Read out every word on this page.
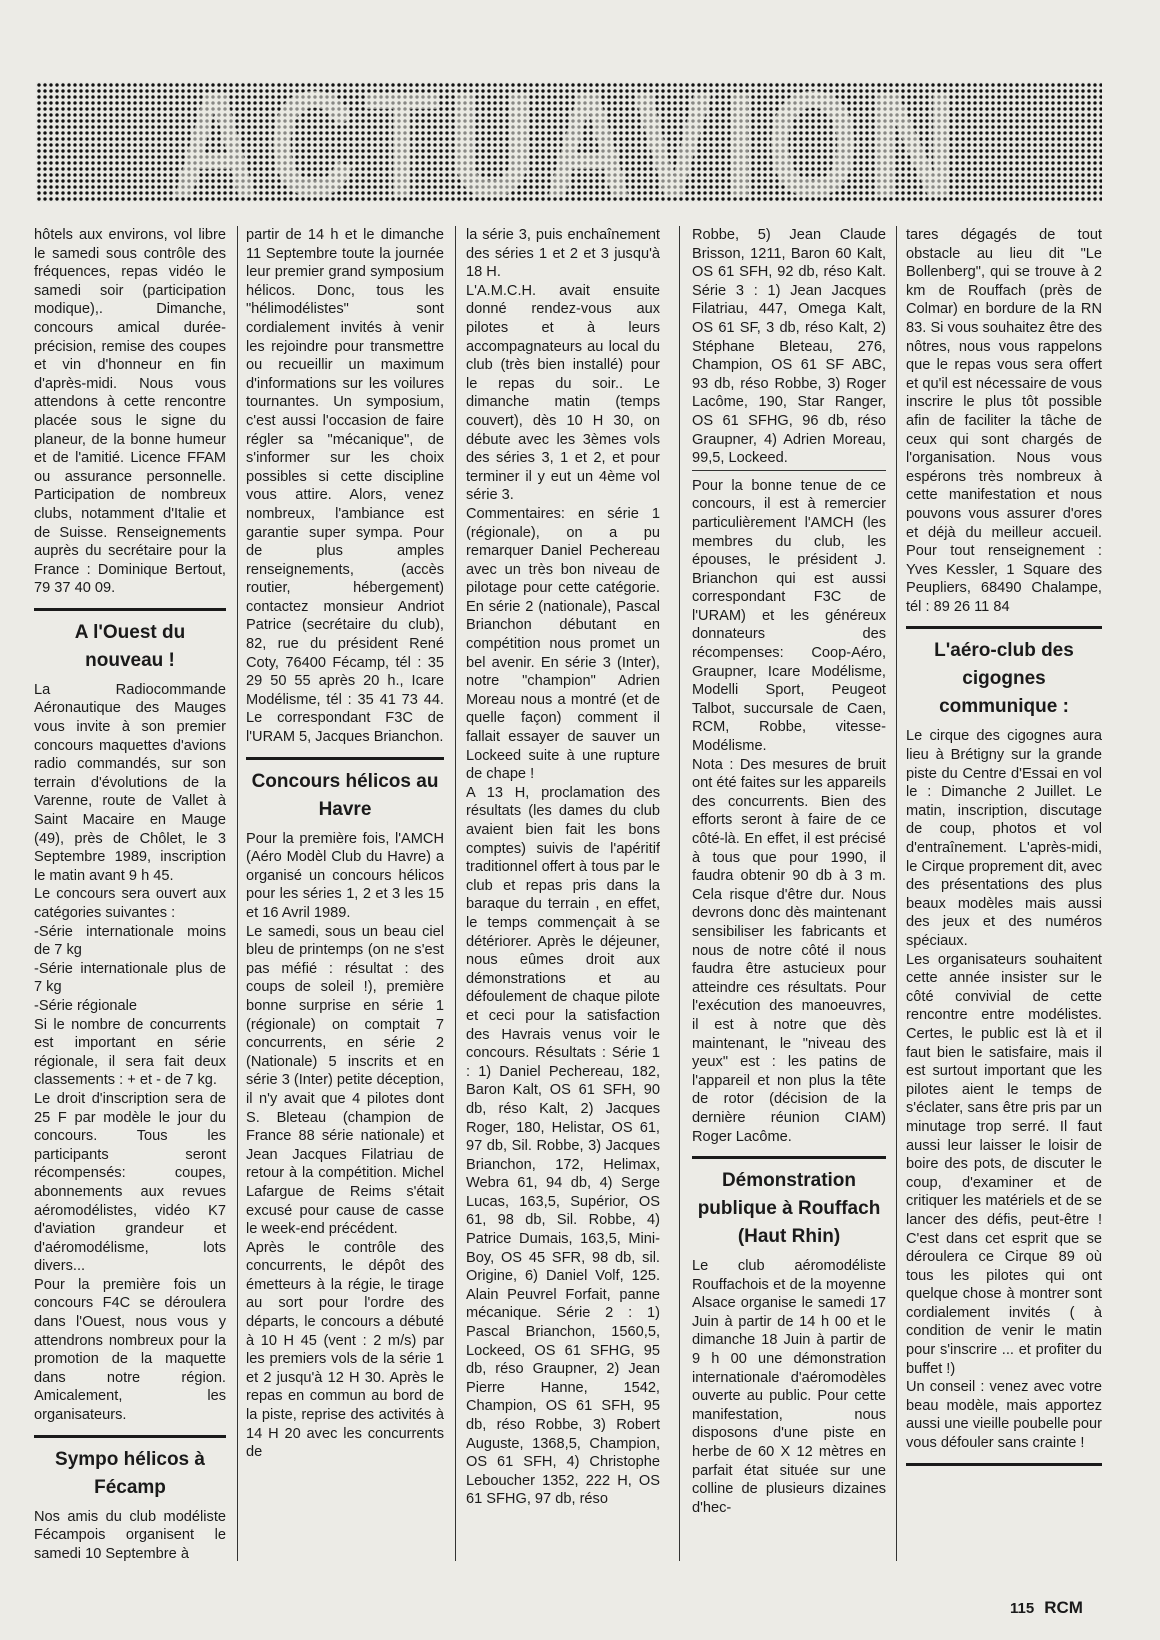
ACTUAVION

hôtels aux environs, vol libre le samedi sous contrôle des fréquences, repas vidéo le samedi soir (participation modique),. Dimanche, concours amical durée-précision, remise des coupes et vin d'honneur en fin d'après-midi. Nous vous attendons à cette rencontre placée sous le signe du planeur, de la bonne humeur et de l'amitié. Licence FFAM ou assurance personnelle. Participation de nombreux clubs, notamment d'Italie et de Suisse. Renseignements auprès du secrétaire pour la France : Dominique Bertout, 79 37 40 09.

A l'Ouest du nouveau !

La Radiocommande Aéronautique des Mauges vous invite à son premier concours maquettes d'avions radio commandés, sur son terrain d'évolutions de la Varenne, route de Vallet à Saint Macaire en Mauge (49), près de Chôlet, le 3 Septembre 1989, inscription le matin avant 9 h 45.

Le concours sera ouvert aux catégories suivantes :

-Série internationale moins de 7 kg

-Série internationale plus de 7 kg

-Série régionale

Si le nombre de concurrents est important en série régionale, il sera fait deux classements : + et - de 7 kg.

Le droit d'inscription sera de 25 F par modèle le jour du concours. Tous les participants seront récompensés: coupes, abonnements aux revues aéromodélistes, vidéo K7 d'aviation grandeur et d'aéromodélisme, lots divers...

Pour la première fois un concours F4C se déroulera dans l'Ouest, nous vous y attendrons nombreux pour la promotion de la maquette dans notre région. Amicalement, les organisateurs.

Sympo hélicos à Fécamp

Nos amis du club modéliste Fécampois organisent le samedi 10 Septembre à

partir de 14 h et le dimanche 11 Septembre toute la journée leur premier grand symposium hélicos. Donc, tous les "hélimodélistes" sont cordialement invités à venir les rejoindre pour transmettre ou recueillir un maximum d'informations sur les voilures tournantes. Un symposium, c'est aussi l'occasion de faire régler sa "mécanique", de s'informer sur les choix possibles si cette discipline vous attire. Alors, venez nombreux, l'ambiance est garantie super sympa. Pour de plus amples renseignements, (accès routier, hébergement) contactez monsieur Andriot Patrice (secrétaire du club), 82, rue du président René Coty, 76400 Fécamp, tél : 35 29 50 55 après 20 h., Icare Modélisme, tél : 35 41 73 44. Le correspondant F3C de l'URAM 5, Jacques Brianchon.

Concours hélicos au Havre

Pour la première fois, l'AMCH (Aéro Modèl Club du Havre) a organisé un concours hélicos pour les séries 1, 2 et 3 les 15 et 16 Avril 1989.

Le samedi, sous un beau ciel bleu de printemps (on ne s'est pas méfié : résultat : des coups de soleil !), première bonne surprise en série 1 (régionale) on comptait 7 concurrents, en série 2 (Nationale) 5 inscrits et en série 3 (Inter) petite déception, il n'y avait que 4 pilotes dont S. Bleteau (champion de France 88 série nationale) et Jean Jacques Filatriau de retour à la compétition. Michel Lafargue de Reims s'était excusé pour cause de casse le week-end précédent.

Après le contrôle des concurrents, le dépôt des émetteurs à la régie, le tirage au sort pour l'ordre des départs, le concours a débuté à 10 H 45 (vent : 2 m/s) par les premiers vols de la série 1 et 2 jusqu'à 12 H 30. Après le repas en commun au bord de la piste, reprise des activités à 14 H 20 avec les concurrents de

la série 3, puis enchaînement des séries 1 et 2 et 3 jusqu'à 18 H.

L'A.M.C.H. avait ensuite donné rendez-vous aux pilotes et à leurs accompagnateurs au local du club (très bien installé) pour le repas du soir.. Le dimanche matin (temps couvert), dès 10 H 30, on débute avec les 3èmes vols des séries 3, 1 et 2, et pour terminer il y eut un 4ème vol série 3.

Commentaires: en série 1 (régionale), on a pu remarquer Daniel Pechereau avec un très bon niveau de pilotage pour cette catégorie. En série 2 (nationale), Pascal Brianchon débutant en compétition nous promet un bel avenir. En série 3 (Inter), notre "champion" Adrien Moreau nous a montré (et de quelle façon) comment il fallait essayer de sauver un Lockeed suite à une rupture de chape !

A 13 H, proclamation des résultats (les dames du club avaient bien fait les bons comptes) suivis de l'apéritif traditionnel offert à tous par le club et repas pris dans la baraque du terrain , en effet, le temps commençait à se détériorer. Après le déjeuner, nous eûmes droit aux démonstrations et au défoulement de chaque pilote et ceci pour la satisfaction des Havrais venus voir le concours. Résultats : Série 1 : 1) Daniel Pechereau, 182, Baron Kalt, OS 61 SFH, 90 db, réso Kalt, 2) Jacques Roger, 180, Helistar, OS 61, 97 db, Sil. Robbe, 3) Jacques Brianchon, 172, Helimax, Webra 61, 94 db, 4) Serge Lucas, 163,5, Supérior, OS 61, 98 db, Sil. Robbe, 4) Patrice Dumais, 163,5, Mini-Boy, OS 45 SFR, 98 db, sil. Origine, 6) Daniel Volf, 125. Alain Peuvrel Forfait, panne mécanique. Série 2 : 1) Pascal Brianchon, 1560,5, Lockeed, OS 61 SFHG, 95 db, réso Graupner, 2) Jean Pierre Hanne, 1542, Champion, OS 61 SFH, 95 db, réso Robbe, 3) Robert Auguste, 1368,5, Champion, OS 61 SFH, 4) Christophe Leboucher 1352, 222 H, OS 61 SFHG, 97 db, réso

Robbe, 5) Jean Claude Brisson, 1211, Baron 60 Kalt, OS 61 SFH, 92 db, réso Kalt. Série 3 : 1) Jean Jacques Filatriau, 447, Omega Kalt, OS 61 SF, 3 db, réso Kalt, 2) Stéphane Bleteau, 276, Champion, OS 61 SF ABC, 93 db, réso Robbe, 3) Roger Lacôme, 190, Star Ranger, OS 61 SFHG, 96 db, réso Graupner, 4) Adrien Moreau, 99,5, Lockeed.

Pour la bonne tenue de ce concours, il est à remercier particulièrement l'AMCH (les membres du club, les épouses, le président J. Brianchon qui est aussi correspondant F3C de l'URAM) et les généreux donnateurs des récompenses: Coop-Aéro, Graupner, Icare Modélisme, Modelli Sport, Peugeot Talbot, succursale de Caen, RCM, Robbe, vitesse-Modélisme.

Nota : Des mesures de bruit ont été faites sur les appareils des concurrents. Bien des efforts seront à faire de ce côté-là. En effet, il est précisé à tous que pour 1990, il faudra obtenir 90 db à 3 m. Cela risque d'être dur. Nous devrons donc dès maintenant sensibiliser les fabricants et nous de notre côté il nous faudra être astucieux pour atteindre ces résultats. Pour l'exécution des manoeuvres, il est à notre que dès maintenant, le "niveau des yeux" est : les patins de l'appareil et non plus la tête de rotor (décision de la dernière réunion CIAM) Roger Lacôme.

Démonstration publique à Rouffach (Haut Rhin)

Le club aéromodéliste Rouffachois et de la moyenne Alsace organise le samedi 17 Juin à partir de 14 h 00 et le dimanche 18 Juin à partir de 9 h 00 une démonstration internationale d'aéromodèles ouverte au public. Pour cette manifestation, nous disposons d'une piste en herbe de 60 X 12 mètres en parfait état située sur une colline de plusieurs dizaines d'hec-

tares dégagés de tout obstacle au lieu dit "Le Bollenberg", qui se trouve à 2 km de Rouffach (près de Colmar) en bordure de la RN 83. Si vous souhaitez être des nôtres, nous vous rappelons que le repas vous sera offert et qu'il est nécessaire de vous inscrire le plus tôt possible afin de faciliter la tâche de ceux qui sont chargés de l'organisation. Nous vous espérons très nombreux à cette manifestation et nous pouvons vous assurer d'ores et déjà du meilleur accueil. Pour tout renseignement : Yves Kessler, 1 Square des Peupliers, 68490 Chalampe, tél : 89 26 11 84

L'aéro-club des cigognes communique :

Le cirque des cigognes aura lieu à Brétigny sur la grande piste du Centre d'Essai en vol le : Dimanche 2 Juillet. Le matin, inscription, discutage de coup, photos et vol d'entraînement. L'après-midi, le Cirque proprement dit, avec des présentations des plus beaux modèles mais aussi des jeux et des numéros spéciaux.

Les organisateurs souhaitent cette année insister sur le côté convivial de cette rencontre entre modélistes. Certes, le public est là et il faut bien le satisfaire, mais il est surtout important que les pilotes aient le temps de s'éclater, sans être pris par un minutage trop serré. Il faut aussi leur laisser le loisir de boire des pots, de discuter le coup, d'examiner et de critiquer les matériels et de se lancer des défis, peut-être ! C'est dans cet esprit que se déroulera ce Cirque 89 où tous les pilotes qui ont quelque chose à montrer sont cordialement invités ( à condition de venir le matin pour s'inscrire ... et profiter du buffet !)

Un conseil : venez avec votre beau modèle, mais apportez aussi une vieille poubelle pour vous défouler sans crainte !

115 RCM
